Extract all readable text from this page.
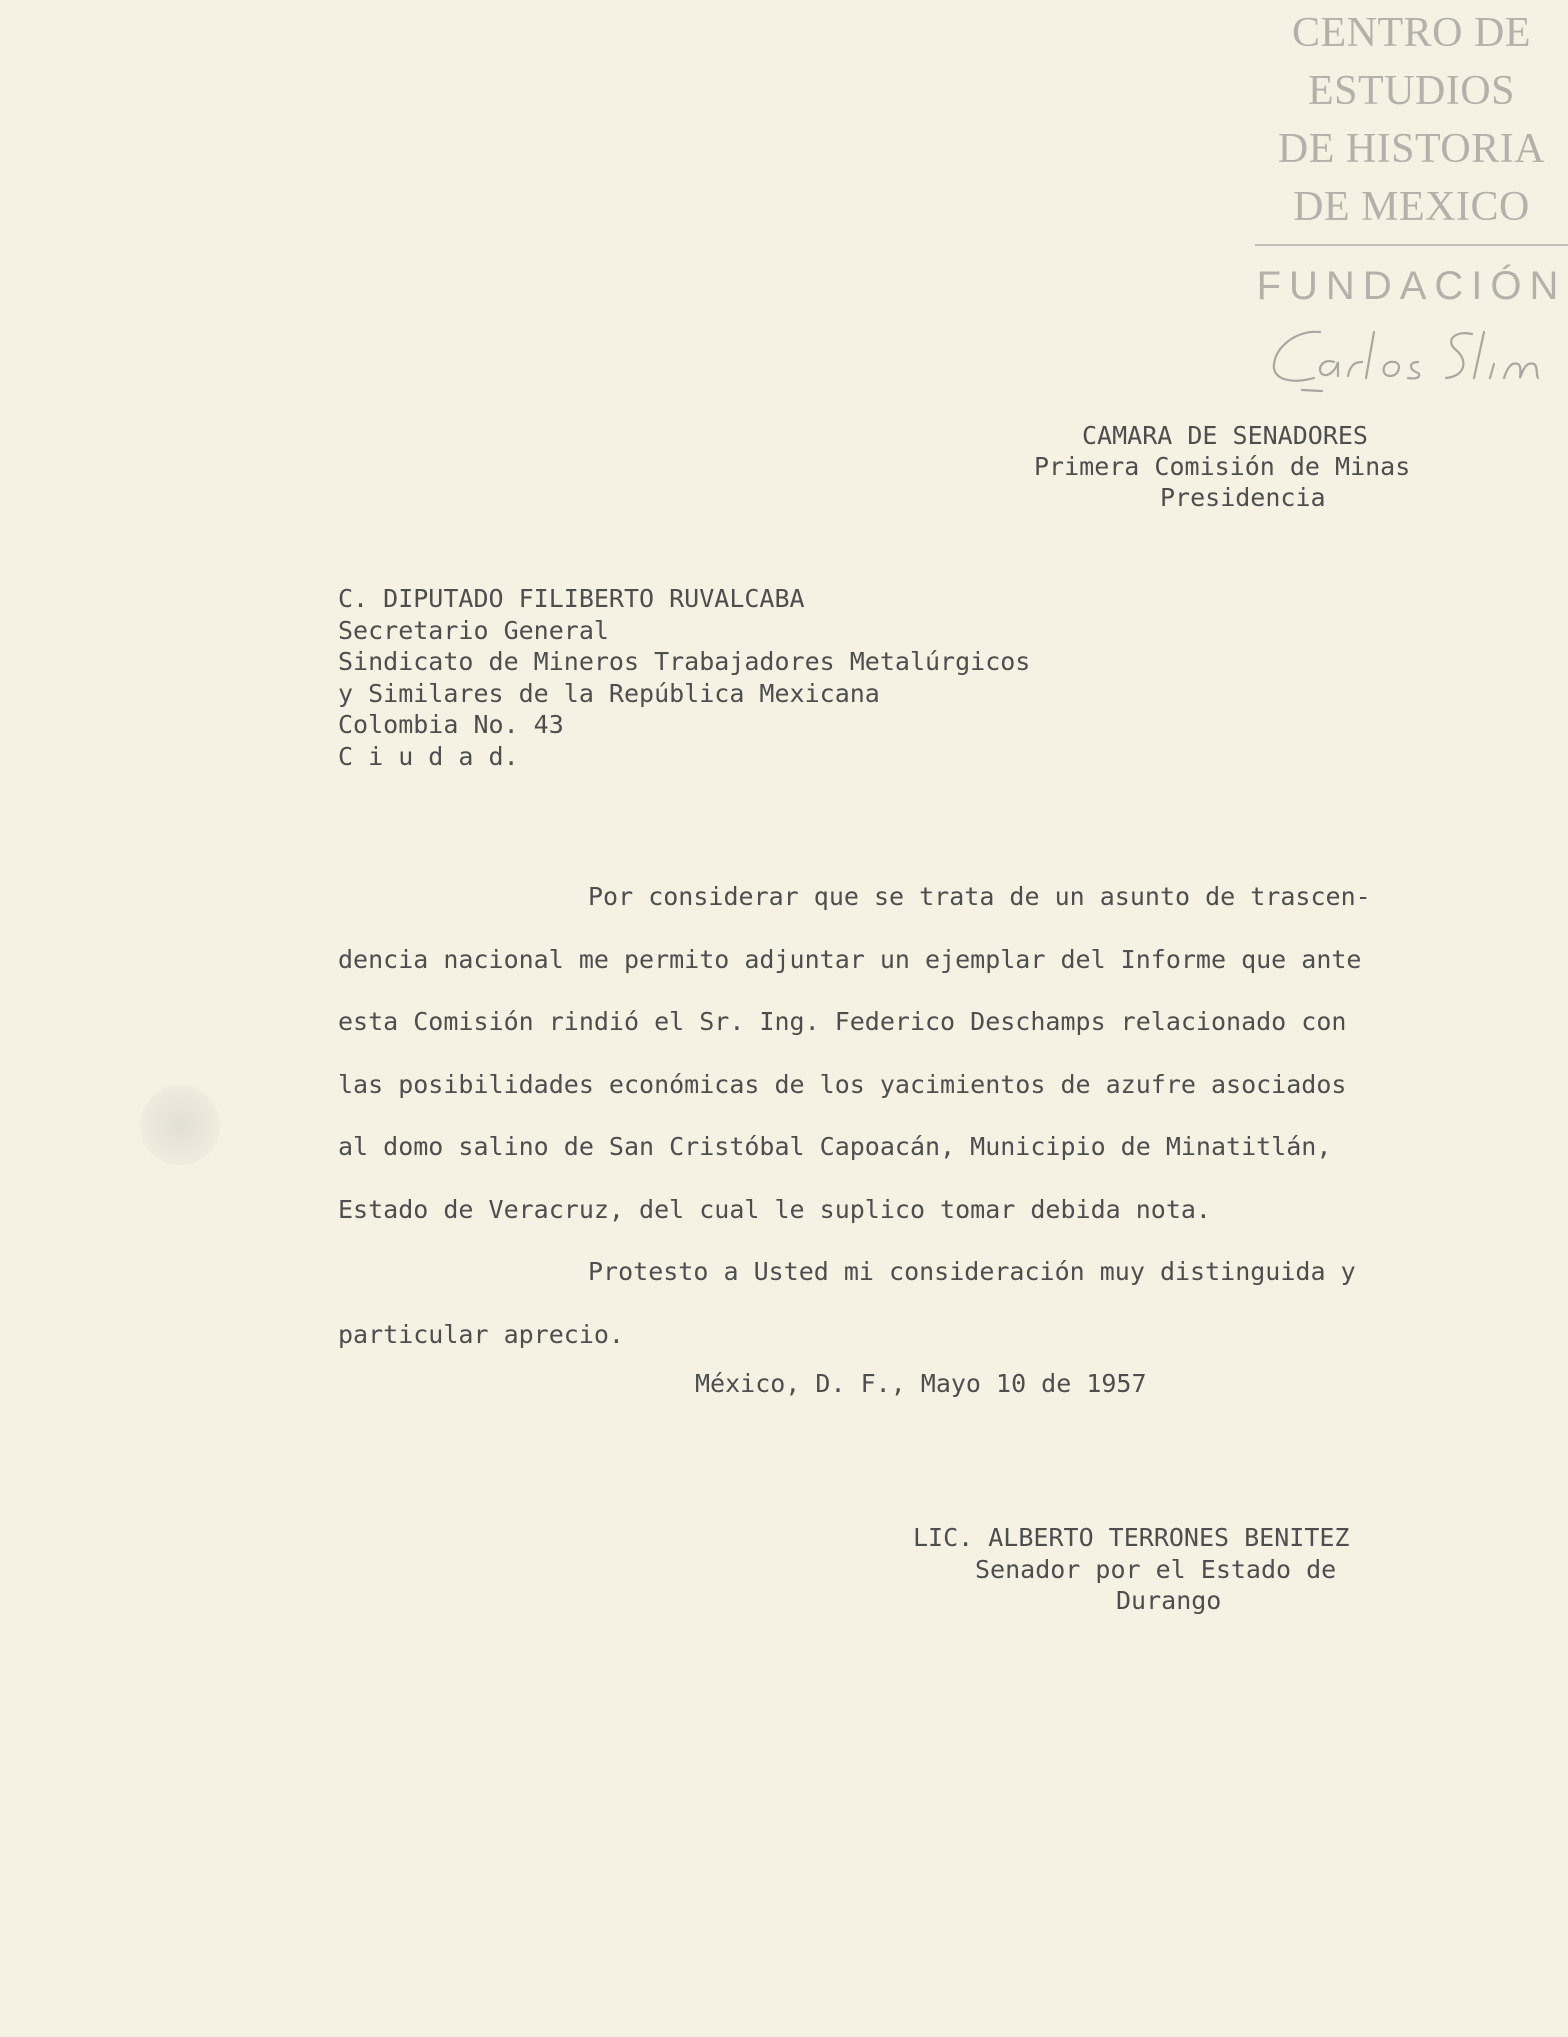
CENTRO DE
ESTUDIOS
DE HISTORIA
DE MEXICO
FUNDACIÓN
CAMARA DE SENADORES
Primera Comisión de Minas
Presidencia
C. DIPUTADO FILIBERTO RUVALCABA
Secretario General
Sindicato de Mineros Trabajadores Metalúrgicos
y Similares de la República Mexicana
Colombia No. 43
C i u d a d.
Por considerar que se trata de un asunto de trascen-
dencia nacional me permito adjuntar un ejemplar del Informe que ante
esta Comisión rindió el Sr. Ing. Federico Deschamps relacionado con
las posibilidades económicas de los yacimientos de azufre asociados
al domo salino de San Cristóbal Capoacán, Municipio de Minatitlán,
Estado de Veracruz, del cual le suplico tomar debida nota.
Protesto a Usted mi consideración muy distinguida y
particular aprecio.
México, D. F., Mayo 10 de 1957
LIC. ALBERTO TERRONES BENITEZ
Senador por el Estado de
Durango
